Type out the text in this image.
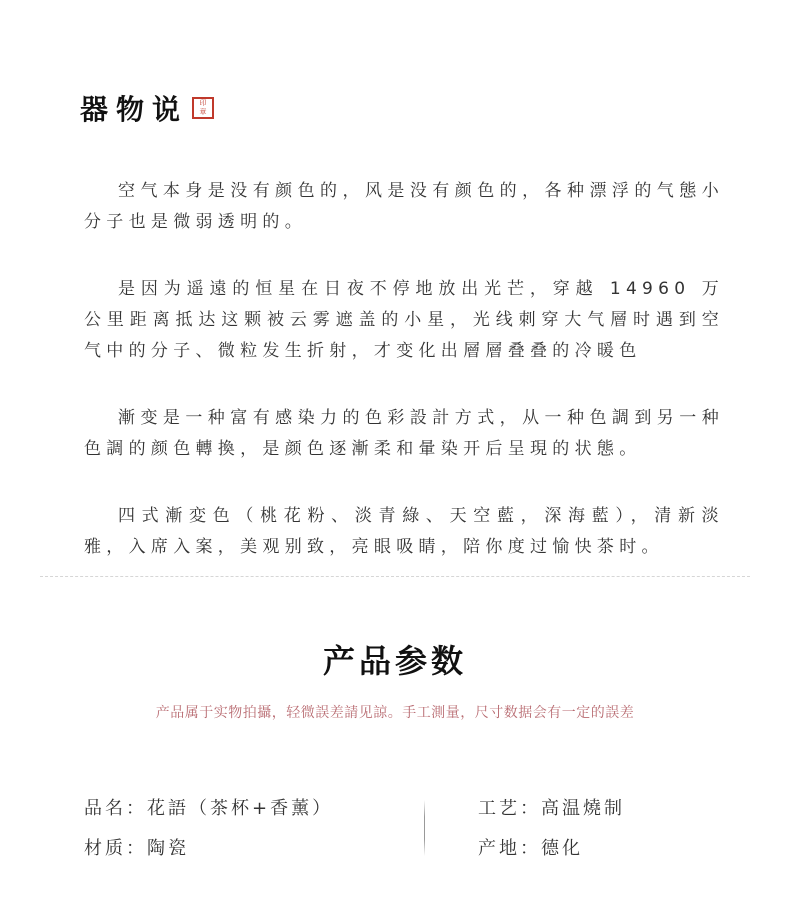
器物说	印
章

空气本身是没有颜色的，风是没有颜色的，各种漂浮的气態小分子也是微弱透明的。

是因为遥遠的恒星在日夜不停地放出光芒，穿越 14960 万公里距离抵达这颗被云雾遮盖的小星，光线刺穿大气層时遇到空气中的分子、微粒发生折射，才变化出層層叠叠的冷暖色

漸变是一种富有感染力的色彩設計方式，从一种色調到另一种色調的颜色轉換，是颜色逐漸柔和暈染开后呈現的状態。

四式漸変色（桃花粉、淡青綠、天空藍，深海藍），清新淡雅，入席入案，美观别致，亮眼吸睛，陪你度过愉快茶时。

产品参数
产品属于实物拍攝，轻微誤差請见諒。手工測量，尺寸数据会有一定的誤差
品名：花語（茶杯+香薰）
材质：陶瓷
工艺：高温燒制
产地：德化
